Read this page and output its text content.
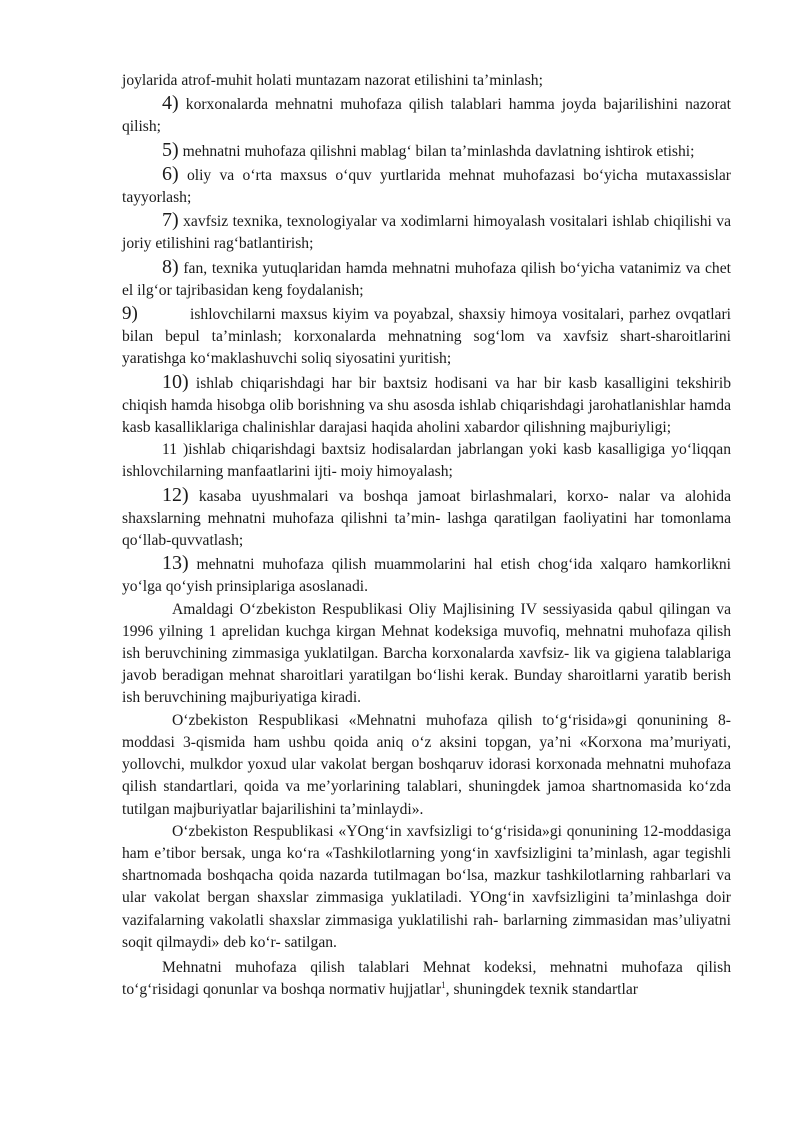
joylarida atrof-muhit holati muntazam nazorat etilishini ta’minlash;

4) korxonalarda mehnatni muhofaza qilish talablari hamma joyda bajarilishini nazorat qilish;

5) mehnatni muhofaza qilishni mablag‘ bilan ta’minlashda davlatning ishtirok etishi;

6) oliy va o‘rta maxsus o‘quv yurtlarida mehnat muhofazasi bo‘yicha mutaxassislar tayyorlash;

7) xavfsiz texnika, texnologiyalar va xodimlarni himoyalash vositalari ishlab chiqilishi va joriy etilishini rag‘batlantirish;

8) fan, texnika yutuqlaridan hamda mehnatni muhofaza qilish bo‘yicha vatanimiz va chet el ilg‘or tajribasidan keng foydalanish;

9)	ishlovchilarni maxsus kiyim va poyabzal, shaxsiy himoya vositalari, parhez ovqatlari bilan bepul ta’minlash; korxonalarda mehnatning sog‘lom va xavfsiz shart-sharoitlarini yaratishga ko‘maklashuvchi soliq siyosatini yuritish;

10) ishlab chiqarishdagi har bir baxtsiz hodisani va har bir kasb kasalligini tekshirib chiqish hamda hisobga olib borishning va shu asosda ishlab chiqarishdagi jarohatlanishlar hamda kasb kasalliklariga chalinishlar darajasi haqida aholini xabardor qilishning majburiyligi;

11 )ishlab chiqarishdagi baxtsiz hodisalardan jabrlangan yoki kasb kasalligiga yo‘liqqan ishlovchilarning manfaatlarini ijti- moiy himoyalash;

12) kasaba uyushmalari va boshqa jamoat birlashmalari, korxo- nalar va alohida shaxslarning mehnatni muhofaza qilishni ta’min- lashga qaratilgan faoliyatini har tomonlama qo‘llab-quvvatlash;

13) mehnatni muhofaza qilish muammolarini hal etish chog‘ida xalqaro hamkorlikni yo‘lga qo‘yish prinsiplariga asoslanadi.

Amaldagi O‘zbekiston Respublikasi Oliy Majlisining IV sessiyasida qabul qilingan va 1996 yilning 1 aprelidan kuchga kirgan Mehnat kodeksiga muvofiq, mehnatni muhofaza qilish ish beruvchining zimmasiga yuklatilgan. Barcha korxonalarda xavfsiz- lik va gigiena talablariga javob beradigan mehnat sharoitlari yaratilgan bo‘lishi kerak. Bunday sharoitlarni yaratib berish ish beruvchining majburiyatiga kiradi.

O‘zbekiston Respublikasi «Mehnatni muhofaza qilish to‘g‘risida»gi qonunining 8-moddasi 3-qismida ham ushbu qoida aniq o‘z aksini topgan, ya’ni «Korxona ma’muriyati, yollovchi, mulkdor yoxud ular vakolat bergan boshqaruv idorasi korxonada mehnatni muhofaza qilish standartlari, qoida va me’yorlarining talablari, shuningdek jamoa shartnomasida ko‘zda tutilgan majburiyatlar bajarilishini ta’minlaydi».

O‘zbekiston Respublikasi «YOng‘in xavfsizligi to‘g‘risida»gi qonunining 12-moddasiga ham e’tibor bersak, unga ko‘ra «Tashkilotlarning yong‘in xavfsizligini ta’minlash, agar tegishli shartnomada boshqacha qoida nazarda tutilmagan bo‘lsa, mazkur tashkilotlarning rahbarlari va ular vakolat bergan shaxslar zimmasiga yuklatiladi. YOng‘in xavfsizligini ta’minlashga doir vazifalarning vakolatli shaxslar zimmasiga yuklatilishi rah- barlarning zimmasidan mas’uliyatni soqit qilmaydi» deb ko‘r- satilgan.

Mehnatni muhofaza qilish talablari Mehnat kodeksi, mehnatni muhofaza qilish to‘g‘risidagi qonunlar va boshqa normativ hujjatlar$^1$, shuningdek texnik standartlar
